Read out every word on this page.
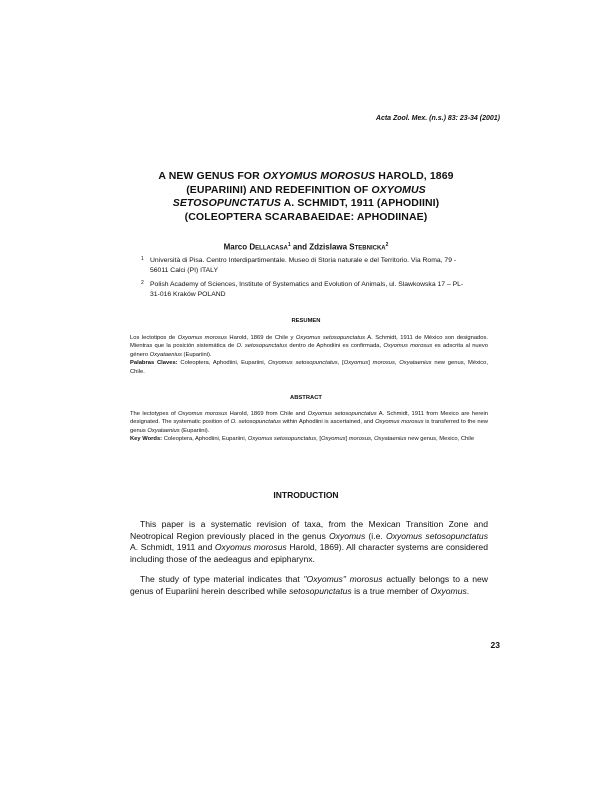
Acta Zool. Mex. (n.s.) 83: 23-34 (2001)
A NEW GENUS FOR OXYOMUS MOROSUS HAROLD, 1869
(EUPARIINI) AND REDEFINITION OF OXYOMUS
SETOSOPUNCTATUS A. SCHMIDT, 1911 (APHODIINI)
(COLEOPTERA SCARABAEIDAE: APHODIINAE)
Marco Dellacasa$^1$ and Zdzislawa Stebnicka$^2$
1 Università di Pisa. Centro Interdipartimentale. Museo di Storia naturale e del Territorio. Via Roma, 79 - 56011 Calci (PI) ITALY
2 Polish Academy of Sciences, Institute of Systematics and Evolution of Animals, ul. Slawkowska 17 – PL-31-016 Kraków POLAND
RESUMEN
Los lectotipos de Oxyomus morosus Harold, 1869 de Chile y Oxyomus setosopunctatus A. Schmidt, 1911 de México son designados. Mientras que la posición sistemática de O. setosopunctatus dentro de Aphodiini es confirmada, Oxyomus morosus es adscrita al nuevo género Oxyataenius (Eupariini).
Palabras Claves: Coleoptera, Aphodiini, Eupariini, Oxyomus setosopunctatus, [Oxyomus] morosus, Oxyataenius new genus, México, Chile.
ABSTRACT
The lectotypes of Oxyomus morosus Harold, 1869 from Chile and Oxyomus setosopunctatus A. Schmidt, 1911 from Mexico are herein designated. The systematic position of O. setosopunctatus within Aphodiini is ascertained, and Oxyomus morosus is transferred to the new genus Oxyataenius (Eupariini).
Key Words: Coleoptera, Aphodiini, Eupariini, Oxyomus setosopunctatus, [Oxyomus] morosus, Oxyataenius new genus, Mexico, Chile
INTRODUCTION
This paper is a systematic revision of taxa, from the Mexican Transition Zone and Neotropical Region previously placed in the genus Oxyomus (i.e. Oxyomus setosopunctatus A. Schmidt, 1911 and Oxyomus morosus Harold, 1869). All character systems are considered including those of the aedeagus and epipharynx.
The study of type material indicates that "Oxyomus" morosus actually belongs to a new genus of Eupariini herein described while setosopunctatus is a true member of Oxyomus.
23
